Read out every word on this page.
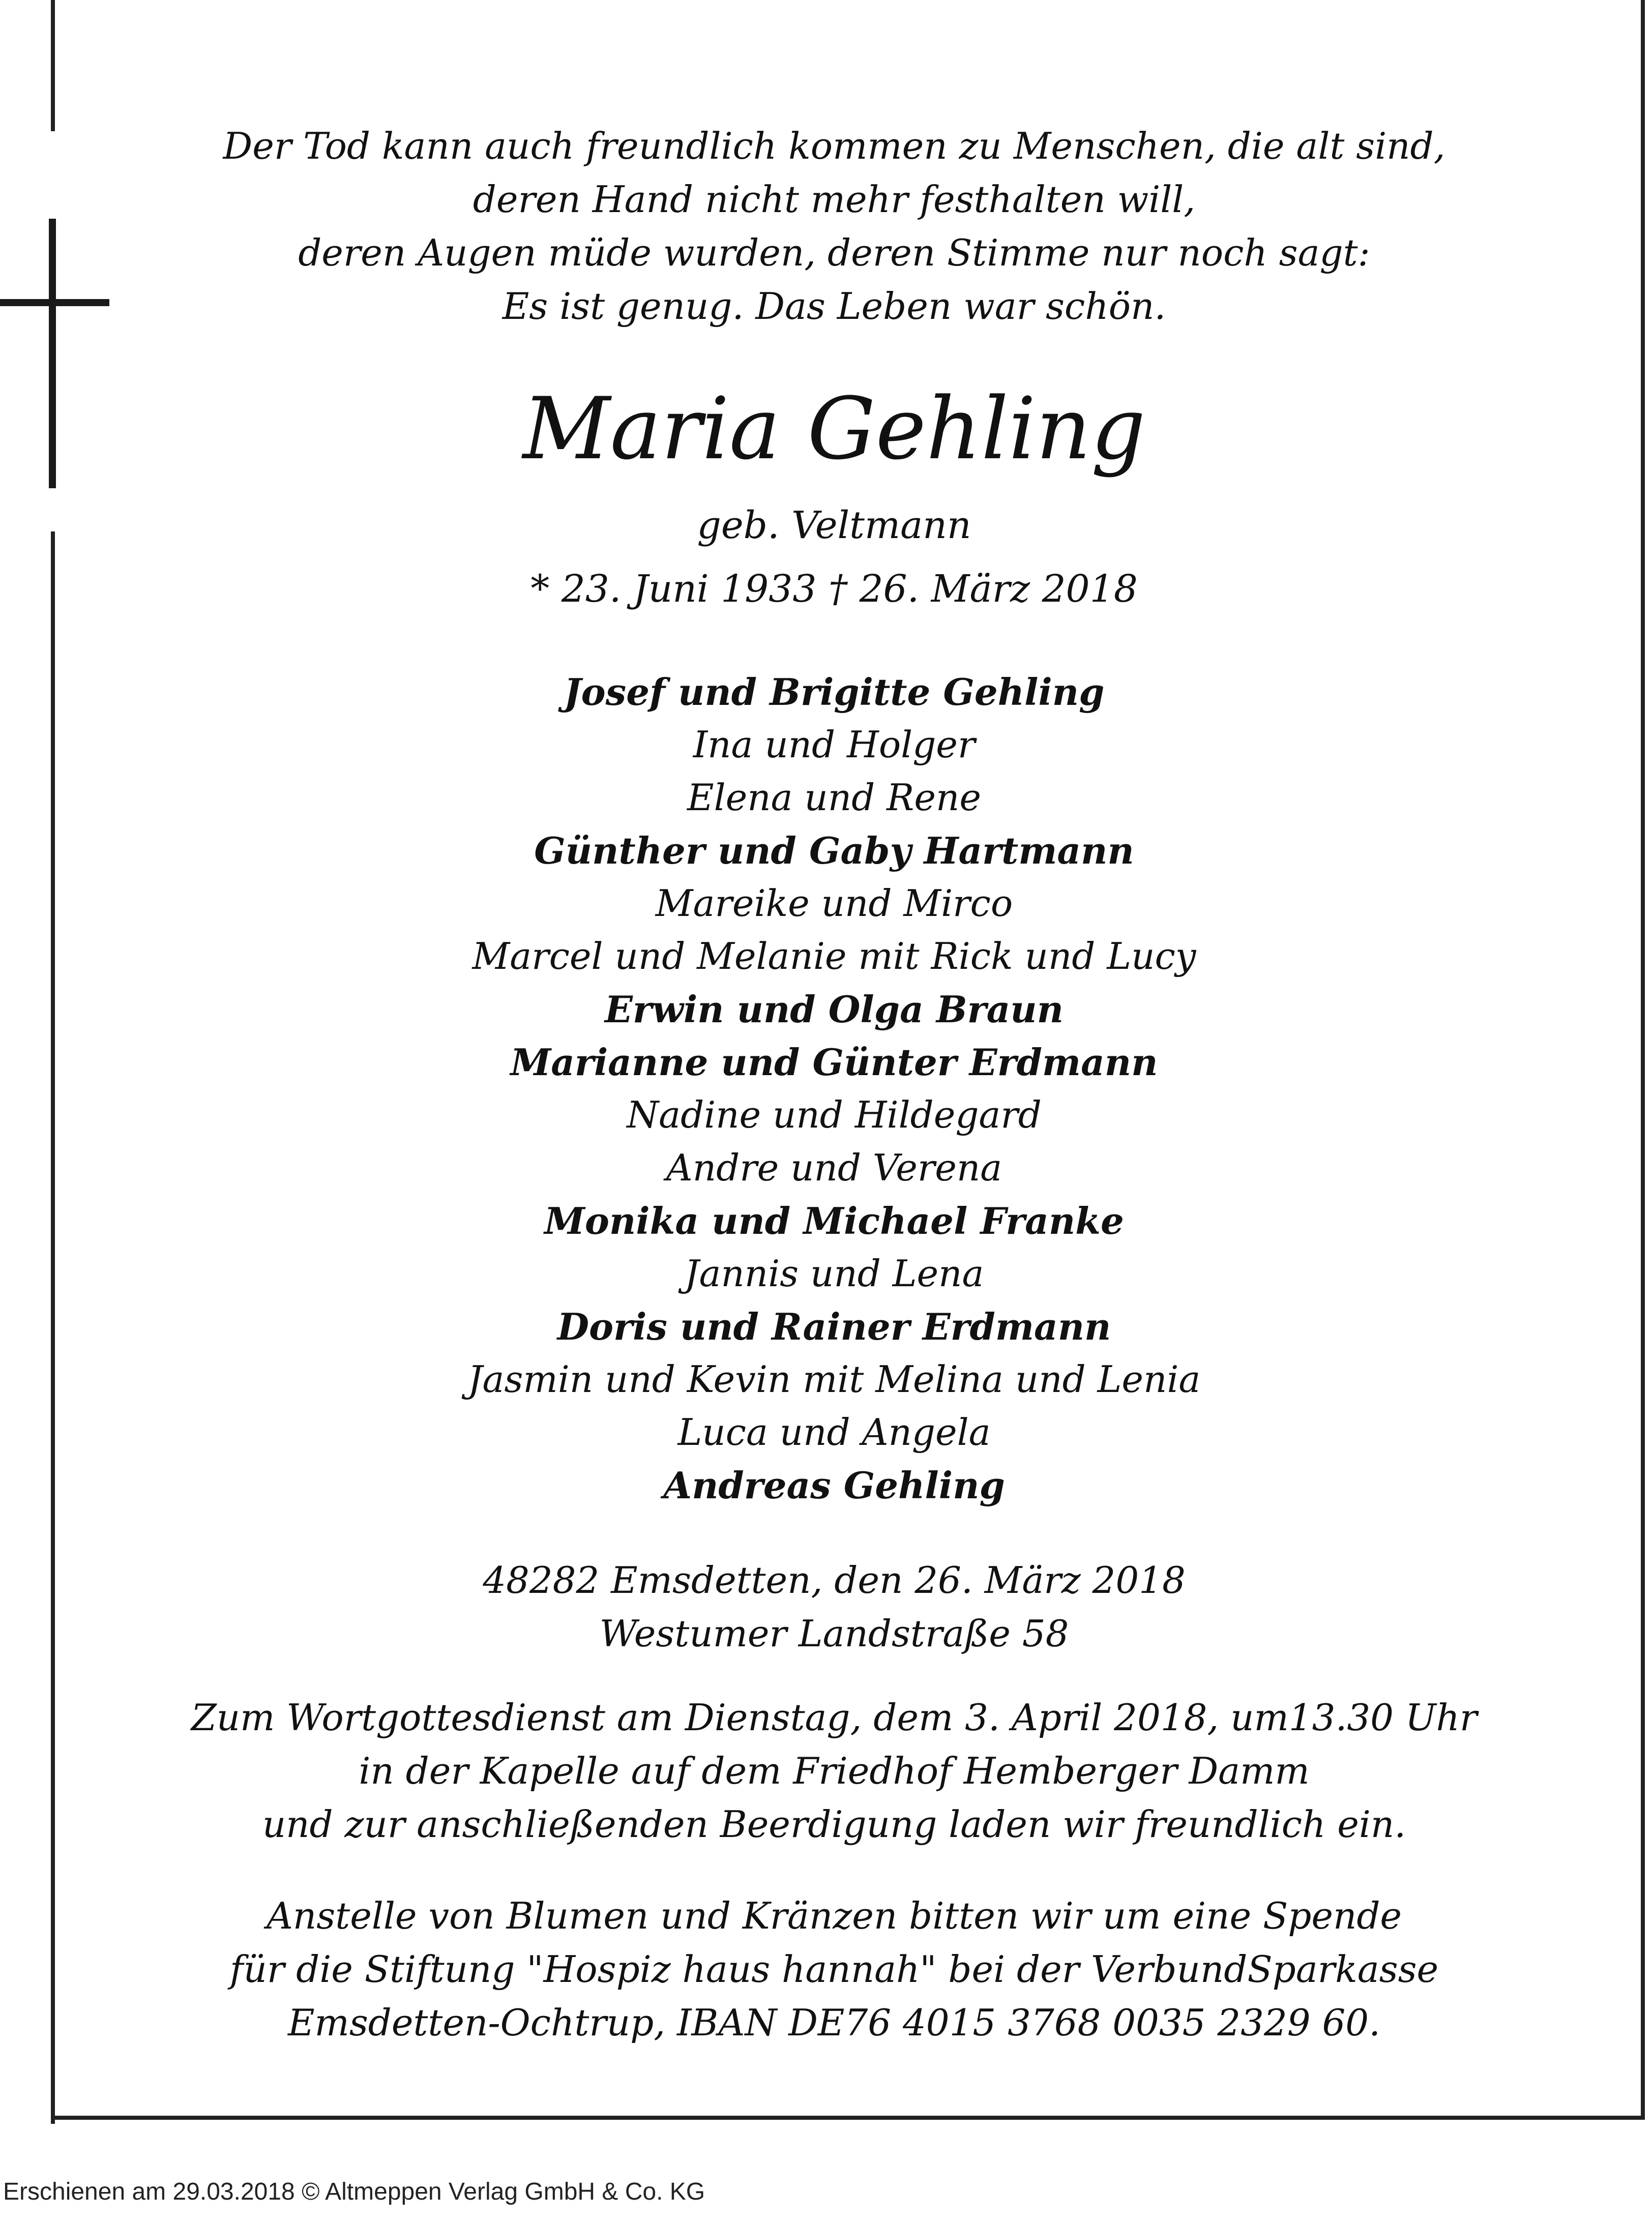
Der Tod kann auch freundlich kommen zu Menschen, die alt sind,
deren Hand nicht mehr festhalten will,
deren Augen müde wurden, deren Stimme nur noch sagt:
Es ist genug. Das Leben war schön.
Maria Gehling
geb. Veltmann
* 23. Juni 1933 † 26. März 2018
Josef und Brigitte Gehling
Ina und Holger
Elena und Rene
Günther und Gaby Hartmann
Mareike und Mirco
Marcel und Melanie mit Rick und Lucy
Erwin und Olga Braun
Marianne und Günter Erdmann
Nadine und Hildegard
Andre und Verena
Monika und Michael Franke
Jannis und Lena
Doris und Rainer Erdmann
Jasmin und Kevin mit Melina und Lenia
Luca und Angela
Andreas Gehling
48282 Emsdetten, den 26. März 2018
Westumer Landstraße 58
Zum Wortgottesdienst am Dienstag, dem 3. April 2018, um13.30 Uhr
in der Kapelle auf dem Friedhof Hemberger Damm
und zur anschließenden Beerdigung laden wir freundlich ein.
Anstelle von Blumen und Kränzen bitten wir um eine Spende
für die Stiftung "Hospiz haus hannah" bei der VerbundSparkasse
Emsdetten-Ochtrup, IBAN DE76 4015 3768 0035 2329 60.
Erschienen am 29.03.2018 © Altmeppen Verlag GmbH & Co. KG
